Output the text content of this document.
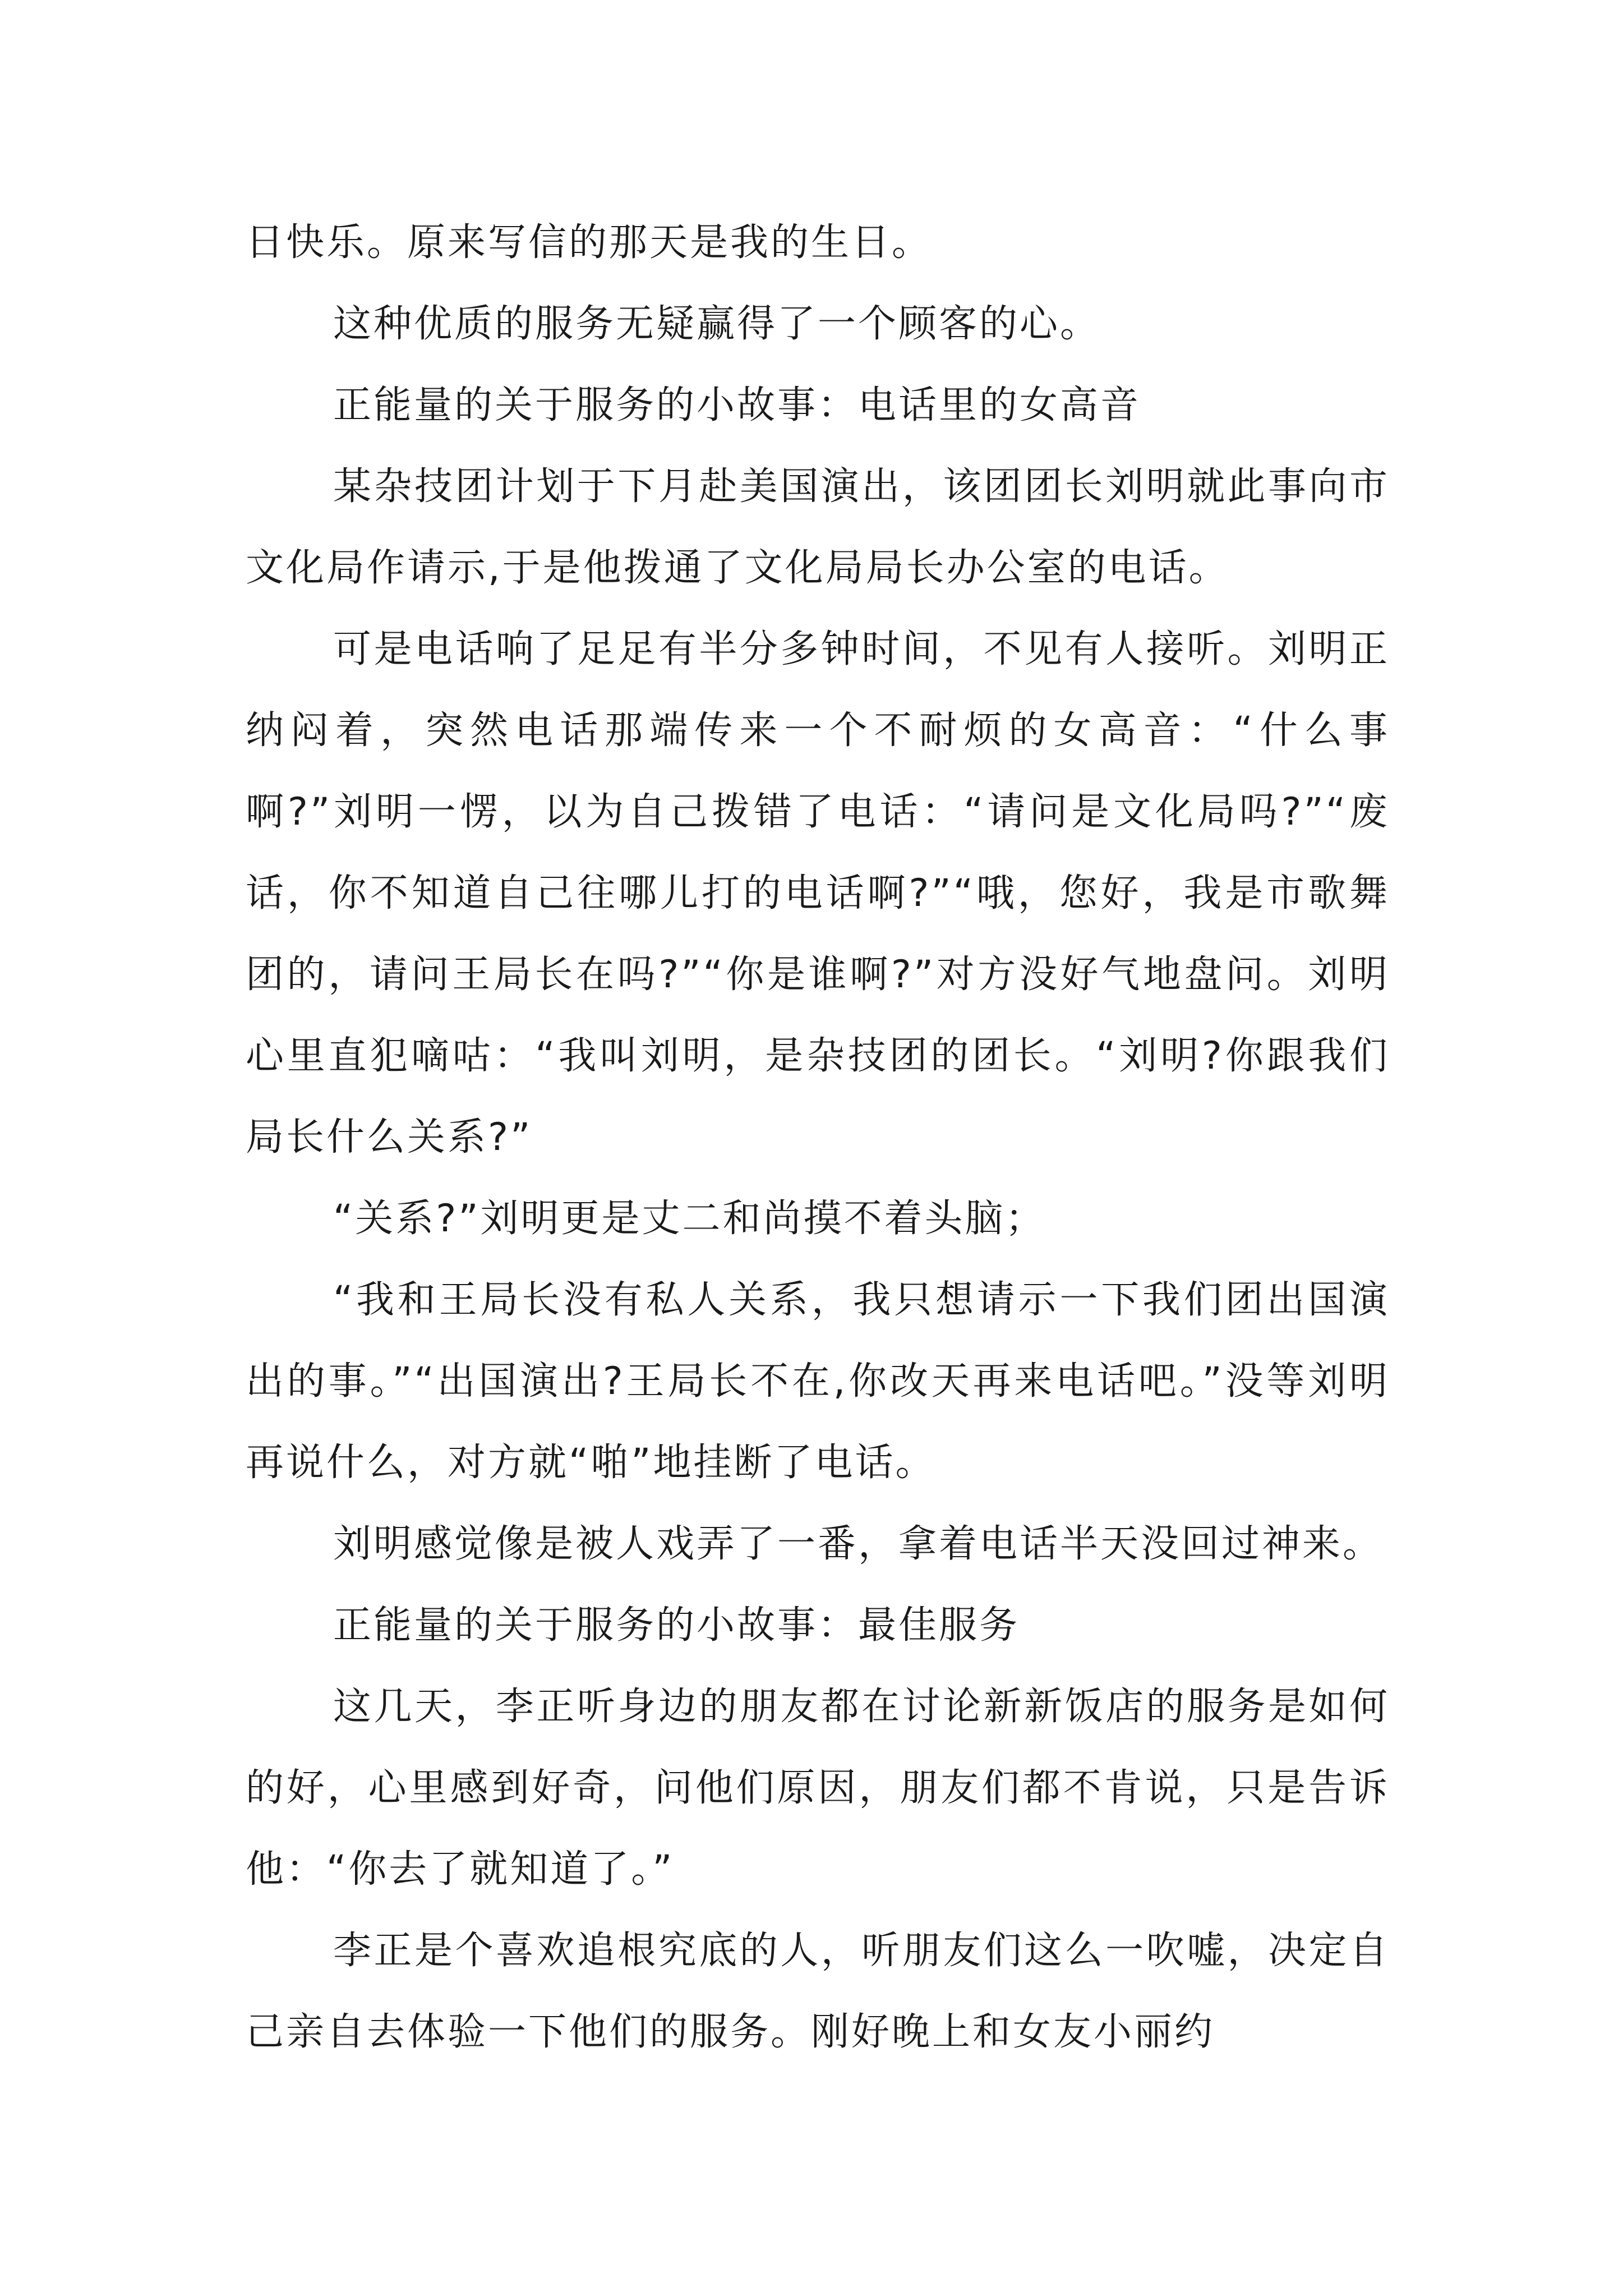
日快乐。原来写信的那天是我的生日。

这种优质的服务无疑赢得了一个顾客的心。

正能量的关于服务的小故事：电话里的女高音

某杂技团计划于下月赴美国演出，该团团长刘明就此事向市文化局作请示,于是他拨通了文化局局长办公室的电话。

可是电话响了足足有半分多钟时间，不见有人接听。刘明正纳闷着，突然电话那端传来一个不耐烦的女高音：“什么事啊?”刘明一愣，以为自己拨错了电话：“请问是文化局吗?”“废话，你不知道自己往哪儿打的电话啊?”“哦，您好，我是市歌舞团的，请问王局长在吗?”“你是谁啊?”对方没好气地盘问。刘明心里直犯嘀咕：“我叫刘明，是杂技团的团长。“刘明?你跟我们局长什么关系?”

“关系?”刘明更是丈二和尚摸不着头脑；

“我和王局长没有私人关系，我只想请示一下我们团出国演出的事。”“出国演出?王局长不在,你改天再来电话吧。”没等刘明再说什么，对方就“啪”地挂断了电话。

刘明感觉像是被人戏弄了一番，拿着电话半天没回过神来。

正能量的关于服务的小故事：最佳服务

这几天，李正听身边的朋友都在讨论新新饭店的服务是如何的好，心里感到好奇，问他们原因，朋友们都不肯说，只是告诉他：“你去了就知道了。”

李正是个喜欢追根究底的人，听朋友们这么一吹嘘，决定自己亲自去体验一下他们的服务。刚好晚上和女友小丽约
